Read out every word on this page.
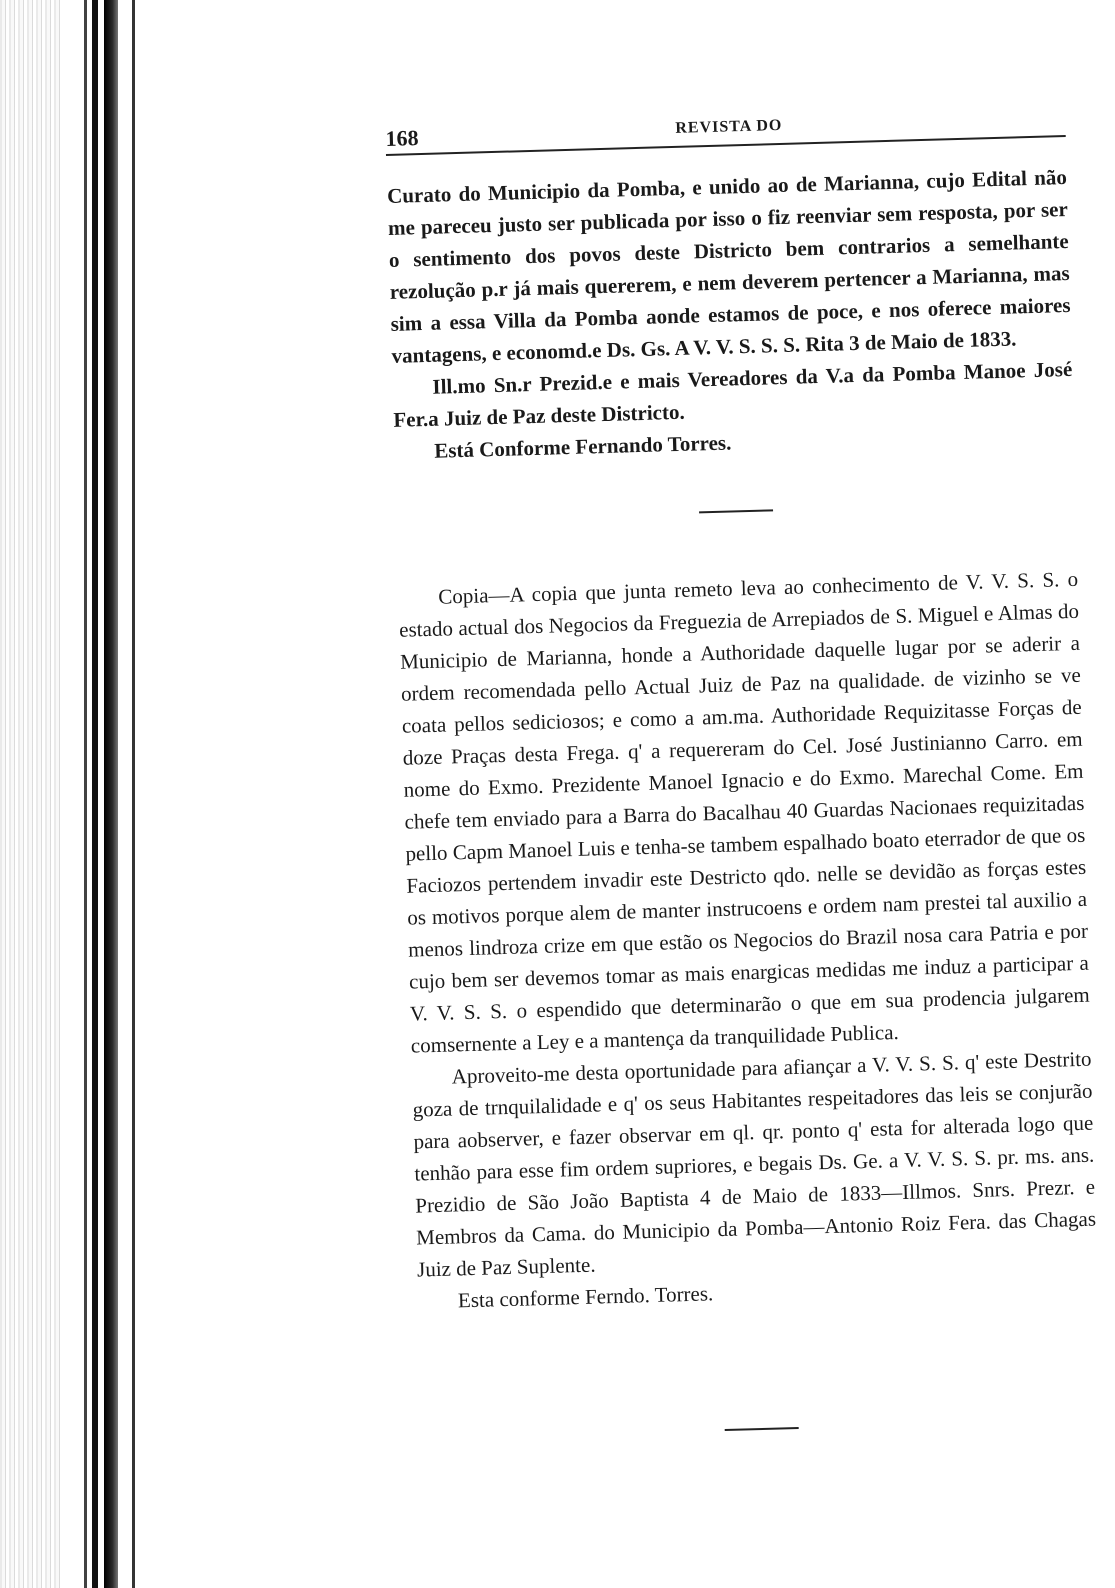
168	REVISTA DO

Curato do Municipio da Pomba, e unido ao de Marianna, cujo Edital não me pareceu justo ser publicada por isso o fiz reenviar sem resposta, por ser o sentimento dos povos deste Districto bem contrarios a semelhante rezolução p.r já mais quererem, e nem deverem pertencer a Marianna, mas sim a essa Villa da Pomba aonde estamos de poce, e nos oferece maiores vantagens, e economd.e Ds. Gs. A V. V. S. S. S. Rita 3 de Maio de 1833.

Ill.mo Sn.r Prezid.e e mais Vereadores da V.a da Pomba Manoe José Fer.a Juiz de Paz deste Districto.

Está Conforme Fernando Torres.

Copia—A copia que junta remeto leva ao conhecimento de V. V. S. S. o estado actual dos Negocios da Freguezia de Arrepiados de S. Miguel e Almas do Municipio de Marianna, honde a Authoridade daquelle lugar por se aderir a ordem recomendada pello Actual Juiz de Paz na qualidade. de vizinho se ve coata pellos sedicioзos; e como a am.ma. Authoridade Requizitasse Forças de doze Praças desta Frega. q' a requereram do Cel. José Justinianno Carro. em nome do Exmo. Prezidente Manoel Ignacio e do Exmo. Marechal Come. Em chefe tem enviado para a Barra do Bacalhau 40 Guardas Nacionaes requizitadas pello Capm Manoel Luis e tenha-se tambem espalhado boato eterrador de que os Faciozos pertendem invadir este Destricto qdo. nelle se devidão as forças estes os motivos porque alem de manter instrucoens e ordem nam prestei tal auxilio a menos lindroza crize em que estão os Negocios do Brazil nosa cara Patria e por cujo bem ser devemos tomar as mais enargicas medidas me induz a participar a V. V. S. S. o espendido que determinarão o que em sua prodencia julgarem comsernente a Ley e a mantença da tranquilidade Publica.

Aproveito-me desta oportunidade para afiançar a V. V. S. S. q' este Destrito goza de trnquilalidade e q' os seus Habitantes respeitadores das leis se conjurão para aobserver, e fazer observar em ql. qr. ponto q' esta for alterada logo que tenhão para esse fim ordem supriores, e begais Ds. Ge. a V. V. S. S. pr. ms. ans. Prezidio de São João Baptista 4 de Maio de 1833—Illmos. Snrs. Prezr. e Membros da Cama. do Municipio da Pomba—Antonio Roiz Fera. das Chagas Juiz de Paz Suplente.

Esta conforme Ferndo. Torres.
